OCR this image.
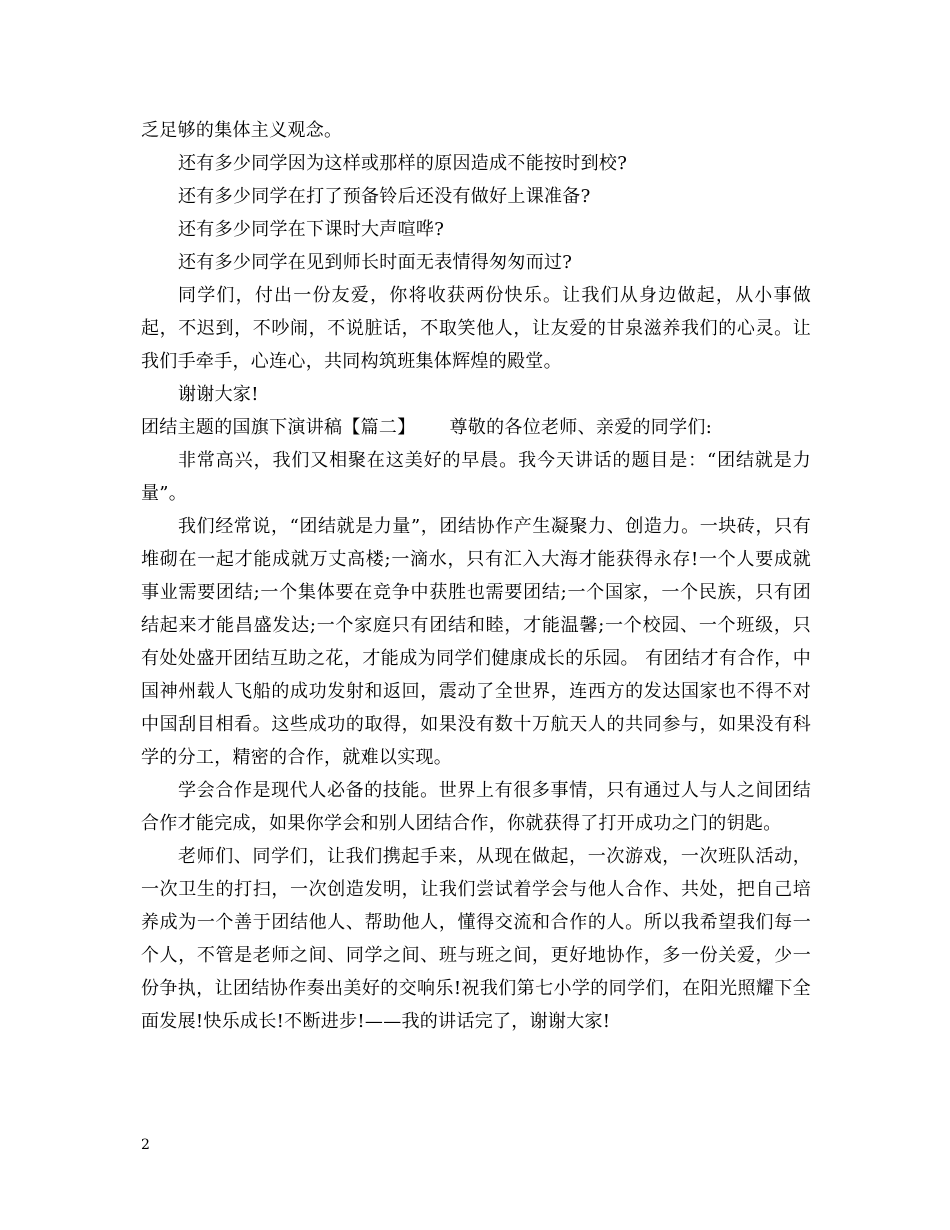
乏足够的集体主义观念。

还有多少同学因为这样或那样的原因造成不能按时到校?

还有多少同学在打了预备铃后还没有做好上课准备?

还有多少同学在下课时大声喧哗?

还有多少同学在见到师长时面无表情得匆匆而过?

同学们，付出一份友爱，你将收获两份快乐。让我们从身边做起，从小事做起，不迟到，不吵闹，不说脏话，不取笑他人，让友爱的甘泉滋养我们的心灵。让我们手牵手，心连心，共同构筑班集体辉煌的殿堂。

谢谢大家!

团结主题的国旗下演讲稿【篇二】 尊敬的各位老师、亲爱的同学们:

非常高兴，我们又相聚在这美好的早晨。我今天讲话的题目是：“团结就是力量”。

我们经常说，“团结就是力量”，团结协作产生凝聚力、创造力。一块砖，只有堆砌在一起才能成就万丈高楼;一滴水，只有汇入大海才能获得永存!一个人要成就事业需要团结;一个集体要在竞争中获胜也需要团结;一个国家，一个民族，只有团结起来才能昌盛发达;一个家庭只有团结和睦，才能温馨;一个校园、一个班级，只有处处盛开团结互助之花，才能成为同学们健康成长的乐园。 有团结才有合作，中国神州载人飞船的成功发射和返回，震动了全世界，连西方的发达国家也不得不对中国刮目相看。这些成功的取得，如果没有数十万航天人的共同参与，如果没有科学的分工，精密的合作，就难以实现。

学会合作是现代人必备的技能。世界上有很多事情，只有通过人与人之间团结合作才能完成，如果你学会和别人团结合作，你就获得了打开成功之门的钥匙。

老师们、同学们，让我们携起手来，从现在做起，一次游戏，一次班队活动，一次卫生的打扫，一次创造发明，让我们尝试着学会与他人合作、共处，把自己培养成为一个善于团结他人、帮助他人，懂得交流和合作的人。所以我希望我们每一个人，不管是老师之间、同学之间、班与班之间，更好地协作，多一份关爱，少一份争执，让团结协作奏出美好的交响乐!祝我们第七小学的同学们，在阳光照耀下全面发展!快乐成长!不断进步!——我的讲话完了，谢谢大家!

2
